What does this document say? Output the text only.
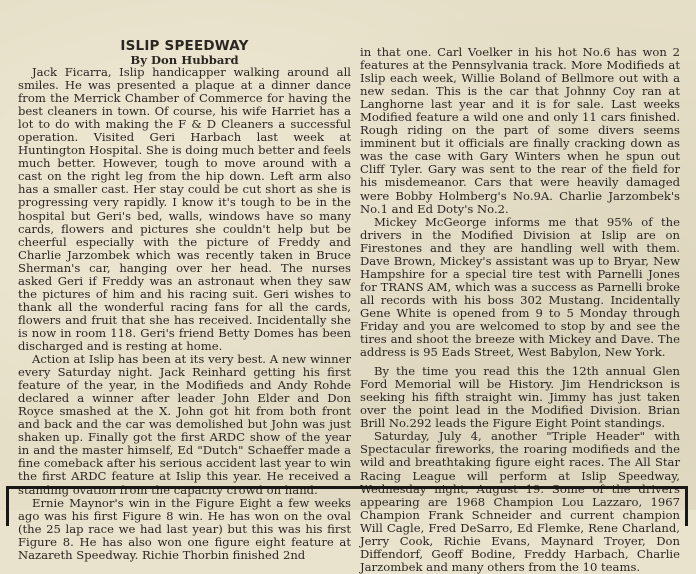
ISLIP SPEEDWAY
By Don Hubbard

Jack Ficarra, Islip handicapper walking around all smiles. He was presented a plaque at a dinner dance from the Merrick Chamber of Commerce for having the best cleaners in town. Of course, his wife Harriet has a lot to do with making the F & D Cleaners a successful operation. Visited Geri Harbach last week at Huntington Hospital. She is doing much better and feels much better. However, tough to move around with a cast on the right leg from the hip down. Left arm also has a smaller cast. Her stay could be cut short as she is progressing very rapidly. I know it's tough to be in the hospital but Geri's bed, walls, windows have so many cards, flowers and pictures she couldn't help but be cheerful especially with the picture of Freddy and Charlie Jarzombek which was recently taken in Bruce Sherman's car, hanging over her head. The nurses asked Geri if Freddy was an astronaut when they saw the pictures of him and his racing suit. Geri wishes to thank all the wonderful racing fans for all the cards, flowers and fruit that she has received. Incidentally she is now in room 118. Geri's friend Betty Domes has been discharged and is resting at home.

Action at Islip has been at its very best. A new winner every Saturday night. Jack Reinhard getting his first feature of the year, in the Modifieds and Andy Rohde declared a winner after leader John Elder and Don Royce smashed at the X. John got hit from both front and back and the car was demolished but John was just shaken up. Finally got the first ARDC show of the year in and the master himself, Ed "Dutch" Schaeffer made a fine comeback after his serious accident last year to win the first ARDC feature at Islip this year. He received a standing ovation from the capacity crowd on hand.

Ernie Maynor's win in the Figure Eight a few weeks ago was his first Figure 8 win. He has won on the oval (the 25 lap race we had last year) but this was his first Figure 8. He has also won one figure eight feature at Nazareth Speedway. Richie Thorbin finished 2nd

in that one. Carl Voelker in his hot No.6 has won 2 features at the Pennsylvania track. More Modifieds at Islip each week, Willie Boland of Bellmore out with a new sedan. This is the car that Johnny Coy ran at Langhorne last year and it is for sale. Last weeks Modified feature a wild one and only 11 cars finished. Rough riding on the part of some divers seems imminent but it officials are finally cracking down as was the case with Gary Winters when he spun out Cliff Tyler. Gary was sent to the rear of the field for his misdemeanor. Cars that were heavily damaged were Bobby Holmberg's No.9A. Charlie Jarzombek's No.1 and Ed Doty's No.2.

Mickey McGeorge informs me that 95% of the drivers in the Modified Division at Islip are on Firestones and they are handling well with them. Dave Brown, Mickey's assistant was up to Bryar, New Hampshire for a special tire test with Parnelli Jones for TRANS AM, which was a success as Parnelli broke all records with his boss 302 Mustang. Incidentally Gene White is opened from 9 to 5 Monday through Friday and you are welcomed to stop by and see the tires and shoot the breeze with Mickey and Dave. The address is 95 Eads Street, West Babylon, New York.

By the time you read this the 12th annual Glen Ford Memorial will be History. Jim Hendrickson is seeking his fifth straight win. Jimmy has just taken over the point lead in the Modified Division. Brian Brill No.292 leads the Figure Eight Point standings.

Saturday, July 4, another "Triple Header" with Spectacular fireworks, the roaring modifieds and the wild and breathtaking figure eight races. The All Star Racing League will perform at Islip Speedway, Wednesday night, August 19. Some of the drivers appearing are 1968 Champion Lou Lazzaro, 1967 Champion Frank Schneider and current champion Will Cagle, Fred DeSarro, Ed Flemke, Rene Charland, Jerry Cook, Richie Evans, Maynard Troyer, Don Diffendorf, Geoff Bodine, Freddy Harbach, Charlie Jarzombek and many others from the 10 teams.
